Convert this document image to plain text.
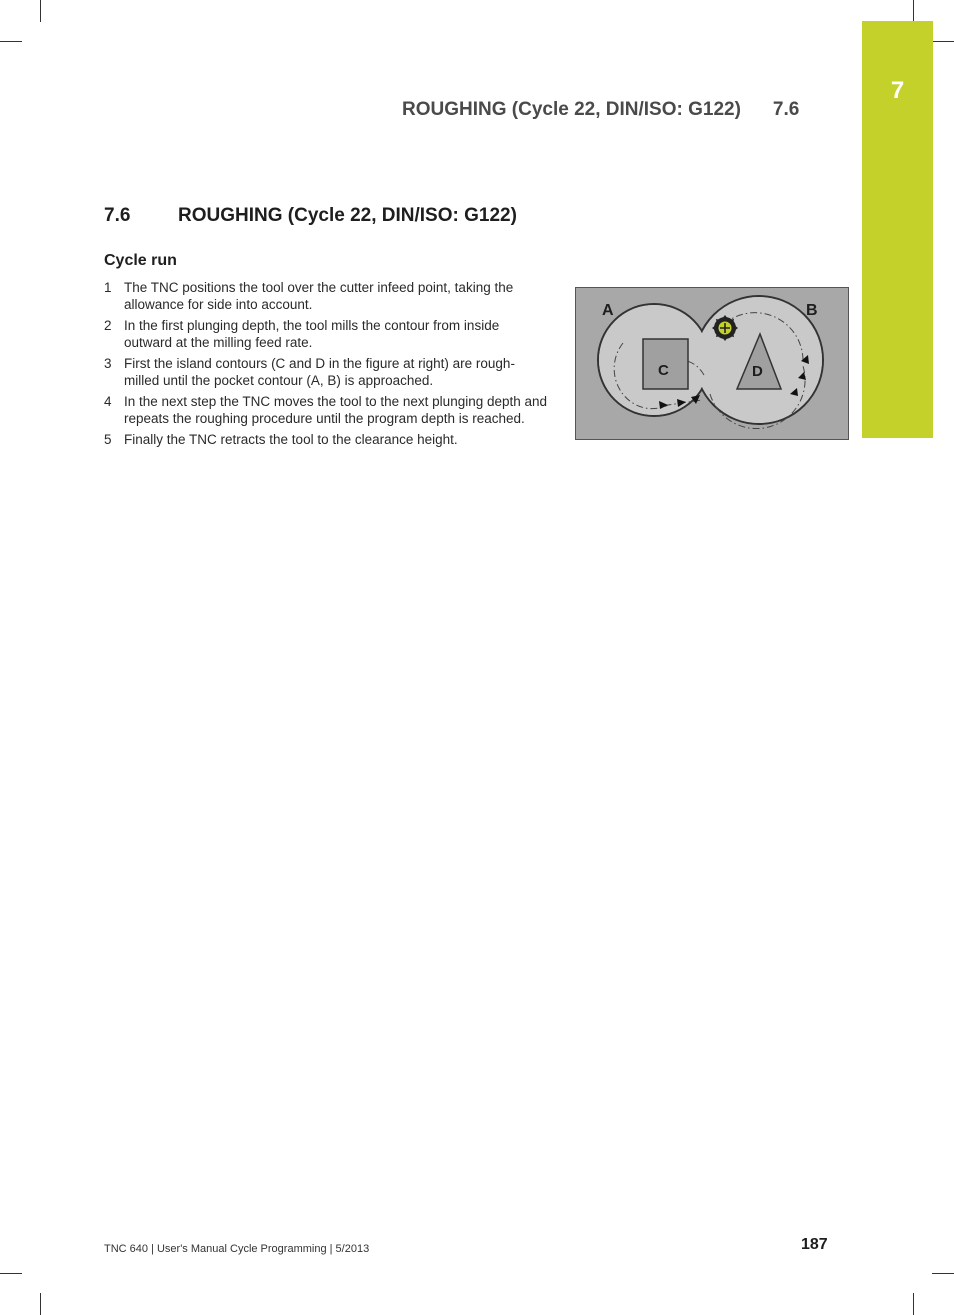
7
ROUGHING (Cycle 22, DIN/ISO: G122) 7.6
7.6	ROUGHING (Cycle 22, DIN/ISO: G122)
Cycle run
1 The TNC positions the tool over the cutter infeed point, taking the allowance for side into account.
2 In the first plunging depth, the tool mills the contour from inside outward at the milling feed rate.
3 First the island contours (C and D in the figure at right) are rough-milled until the pocket contour (A, B) is approached.
4 In the next step the TNC moves the tool to the next plunging depth and repeats the roughing procedure until the program depth is reached.
5 Finally the TNC retracts the tool to the clearance height.
A	B
C	D
TNC 640 | User's Manual Cycle Programming | 5/2013	187
